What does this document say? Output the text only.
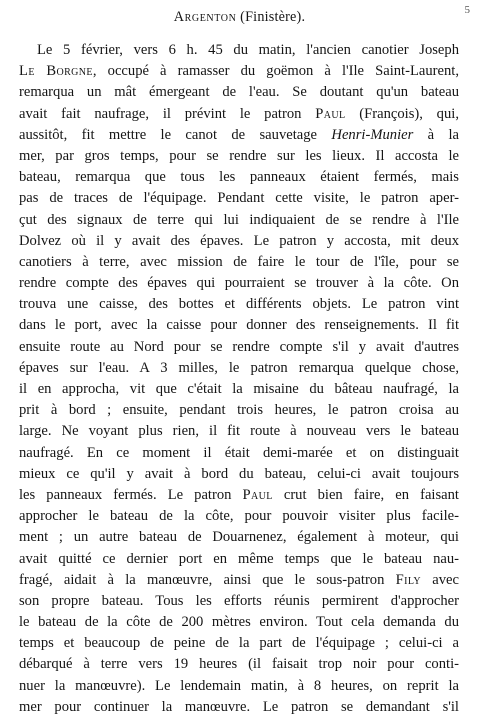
5
Argenton (Finistère).
Le 5 février, vers 6 h. 45 du matin, l'ancien canotier Joseph
Le Borgne, occupé à ramasser du goëmon à l'Ile Saint-Laurent,
remarqua un mât émergeant de l'eau. Se doutant qu'un bateau
avait fait naufrage, il prévint le patron Paul (François), qui,
aussitôt, fit mettre le canot de sauvetage Henri-Munier à la
mer, par gros temps, pour se rendre sur les lieux. Il accosta le
bateau, remarqua que tous les panneaux étaient fermés, mais
pas de traces de l'équipage. Pendant cette visite, le patron aper-
çut des signaux de terre qui lui indiquaient de se rendre à l'Ile
Dolvez où il y avait des épaves. Le patron y accosta, mit deux
canotiers à terre, avec mission de faire le tour de l'île, pour se
rendre compte des épaves qui pourraient se trouver à la côte. On
trouva une caisse, des bottes et différents objets. Le patron vint
dans le port, avec la caisse pour donner des renseignements. Il fit
ensuite route au Nord pour se rendre compte s'il y avait d'autres
épaves sur l'eau. A 3 milles, le patron remarqua quelque chose,
il en approcha, vit que c'était la misaine du bâteau naufragé, la
prit à bord ; ensuite, pendant trois heures, le patron croisa au
large. Ne voyant plus rien, il fit route à nouveau vers le bateau
naufragé. En ce moment il était demi-marée et on distinguait
mieux ce qu'il y avait à bord du bateau, celui-ci avait toujours
les panneaux fermés. Le patron Paul crut bien faire, en faisant
approcher le bateau de la côte, pour pouvoir visiter plus facile-
ment ; un autre bateau de Douarnenez, également à moteur, qui
avait quitté ce dernier port en même temps que le bateau nau-
fragé, aidait à la manœuvre, ainsi que le sous-patron Fily avec
son propre bateau. Tous les efforts réunis permirent d'approcher
le bateau de la côte de 200 mètres environ. Tout cela demanda du
temps et beaucoup de peine de la part de l'équipage ; celui-ci a
débarqué à terre vers 19 heures (il faisait trop noir pour conti-
nuer la manœuvre). Le lendemain matin, à 8 heures, on reprit la
mer pour continuer la manœuvre. Le patron se demandant s'il
